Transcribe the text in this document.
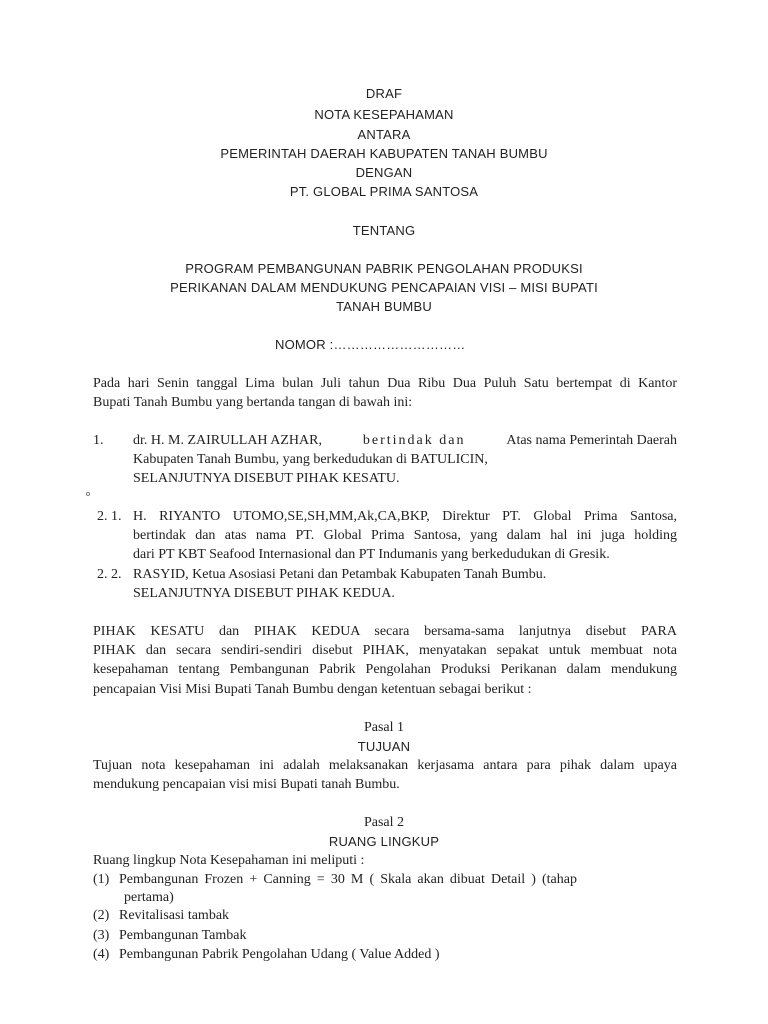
DRAF
NOTA KESEPAHAMAN
ANTARA
PEMERINTAH DAERAH KABUPATEN TANAH BUMBU
DENGAN
PT. GLOBAL PRIMA SANTOSA
TENTANG
PROGRAM PEMBANGUNAN PABRIK PENGOLAHAN PRODUKSI
PERIKANAN DALAM MENDUKUNG PENCAPAIAN VISI – MISI BUPATI
TANAH BUMBU
NOMOR :…………………………
Pada hari Senin tanggal Lima bulan Juli tahun Dua Ribu Dua Puluh Satu bertempat di Kantor
Bupati Tanah Bumbu yang bertanda tangan di bawah ini:
1. dr. H. M. ZAIRULLAH AZHAR,	bertindak dan	Atas nama Pemerintah Daerah
Kabupaten Tanah Bumbu, yang berkedudukan di BATULICIN,
SELANJUTNYA DISEBUT PIHAK KESATU.
o
2. 1. H. RIYANTO UTOMO,SE,SH,MM,Ak,CA,BKP, Direktur PT. Global Prima Santosa,
bertindak dan atas nama PT. Global Prima Santosa, yang dalam hal ini juga holding
dari PT KBT Seafood Internasional dan PT Indumanis yang berkedudukan di Gresik.
2. 2. RASYID, Ketua Asosiasi Petani dan Petambak Kabupaten Tanah Bumbu.
SELANJUTNYA DISEBUT PIHAK KEDUA.
PIHAK KESATU dan PIHAK KEDUA secara bersama-sama lanjutnya disebut PARA
PIHAK dan secara sendiri-sendiri disebut PIHAK, menyatakan sepakat untuk membuat nota
kesepahaman tentang Pembangunan Pabrik Pengolahan Produksi Perikanan dalam mendukung
pencapaian Visi Misi Bupati Tanah Bumbu dengan ketentuan sebagai berikut :
Pasal 1
TUJUAN
Tujuan nota kesepahaman ini adalah melaksanakan kerjasama antara para pihak dalam upaya
mendukung pencapaian visi misi Bupati tanah Bumbu.
Pasal 2
RUANG LINGKUP
Ruang lingkup Nota Kesepahaman ini meliputi :
(1) Pembangunan Frozen + Canning = 30 M ( Skala akan dibuat Detail ) (tahap
pertama)
(2) Revitalisasi tambak
(3) Pembangunan Tambak
(4) Pembangunan Pabrik Pengolahan Udang ( Value Added )
